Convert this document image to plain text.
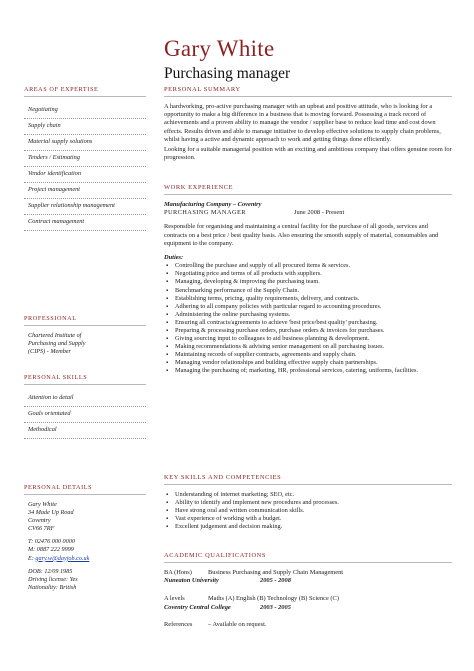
Gary White
Purchasing manager
AREAS OF EXPERTISE
Negotiating
Supply chain
Material supply solutions
Tenders / Estimating
Vendor identification
Project management
Supplier relationship management
Contract management
PROFESSIONAL
Chartered Institute of
Purchasing and Supply
(CIPS) - Member
PERSONAL SKILLS
Attention to detail
Goals orientated
Methodical
PERSONAL DETAILS
Gary White
34 Made Up Road
Coventry
CV66 7RF
T: 02476 000 0000
M: 0887 222 9999
E: gary.w@dayjob.co.uk
DOB: 12/09 1985
Driving license: Yes
Nationality: British
PERSONAL SUMMARY
A hardworking, pro-active purchasing manager with an upbeat and positive attitude, who is looking for a opportunity to make a big difference in a business that is moving forward. Possessing a track record of achievements and a proven ability to manage the vendor / supplier base to reduce lead time and cost down effects. Results driven and able to manage initiative to develop effective solutions to supply chain problems, whilst having a active and dynamic approach to work and getting things done efficiently.
Looking for a suitable managerial position with an exciting and ambitious company that offers genuine room for progression.
WORK EXPERIENCE
Manufacturing Company – Coventry
PURCHASING MANAGER	June 2008 - Present
Responsible for organising and maintaining a central facility for the purchase of all goods, services and contracts on a best price / best quality basis. Also ensuring the smooth supply of material, consumables and equipment to the company.
Duties:
▪ Controlling the purchase and supply of all procured items & services.
▪ Negotiating price and terms of all products with suppliers.
▪ Managing, developing & improving the purchasing team.
▪ Benchmarking performance of the Supply Chain.
▪ Establishing terms, pricing, quality requirements, delivery, and contracts.
▪ Adhering to all company policies with particular regard to accounting procedures.
▪ Administering the online purchasing systems.
▪ Ensuring all contracts/agreements to achieve 'best price/best quality' purchasing.
▪ Preparing & processing purchase orders, purchase orders & invoices for purchases.
▪ Giving sourcing input to colleagues to aid business planning & development.
▪ Making recommendations & advising senior management on all purchasing issues.
▪ Maintaining records of supplier contracts, agreements and supply chain.
▪ Managing vendor relationships and building effective supply chain partnerships.
▪ Managing the purchasing of; marketing, HR, professional services, catering, uniforms, facilities.
KEY SKILLS AND COMPETENCIES
▪ Understanding of internet marketing; SEO, etc.
▪ Ability to identify and implement new procedures and processes.
▪ Have strong oral and written communication skills.
▪ Vast experience of working with a budget.
▪ Excellent judgement and decision making.
ACADEMIC QUALIFICATIONS
BA (Hons)	Business Purchasing and Supply Chain Management
Nuneaton University	2005 - 2008
A levels	Maths (A) English (B) Technology (B) Science (C)
Coventry Central College	2003 - 2005
References	– Available on request.
